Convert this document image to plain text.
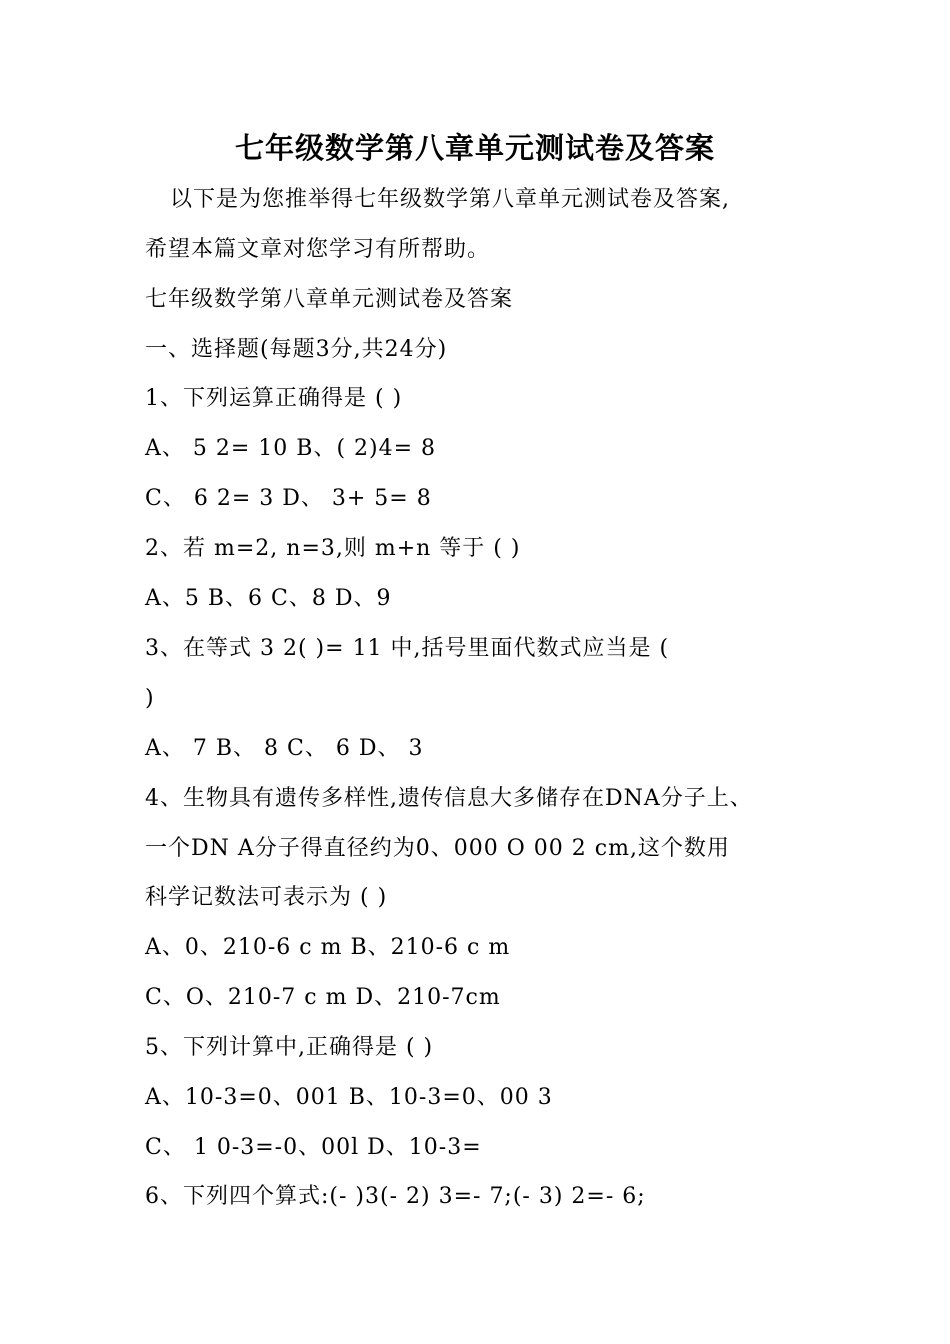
七年级数学第八章单元测试卷及答案
以下是为您推举得七年级数学第八章单元测试卷及答案,
希望本篇文章对您学习有所帮助。
七年级数学第八章单元测试卷及答案
一、选择题(每题3分,共24分)
1、下列运算正确得是 ( )
A、 5 2= 10 B、( 2)4= 8
C、 6 2= 3 D、 3+ 5= 8
2、若 m=2, n=3,则 m+n 等于 ( )
A、5 B、6 C、8 D、9
3、在等式 3 2( )= 11 中,括号里面代数式应当是 (
)
A、 7 B、 8 C、 6 D、 3
4、生物具有遗传多样性,遗传信息大多储存在DNA分子上、
一个DN A分子得直径约为0、000 O 00 2 cm,这个数用
科学记数法可表示为 ( )
A、0、210-6 c m B、210-6 c m
C、O、210-7 c m D、210-7cm
5、下列计算中,正确得是 ( )
A、10-3=0、001 B、10-3=0、00 3
C、 1 0-3=-0、00l D、10-3=
6、下列四个算式:(- )3(- 2) 3=- 7;(- 3) 2=- 6;
